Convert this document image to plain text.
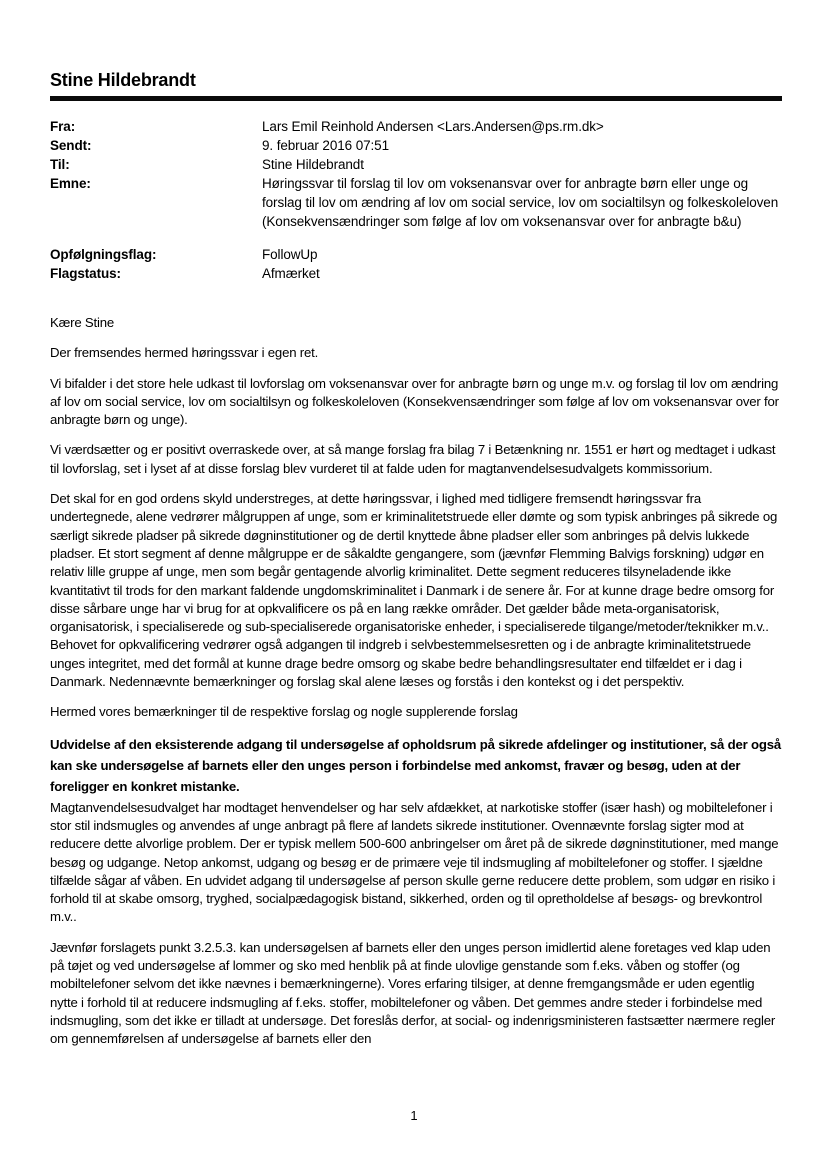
Stine Hildebrandt
Fra:	Lars Emil Reinhold Andersen <Lars.Andersen@ps.rm.dk>
Sendt:	9. februar 2016 07:51
Til:	Stine Hildebrandt
Emne:	Høringssvar til forslag til lov om voksenansvar over for anbragte børn eller unge og forslag til lov om ændring af lov om social service, lov om socialtilsyn og folkeskoleloven (Konsekvensændringer som følge af lov om voksenansvar over for anbragte b&u)
Opfølgningsflag:	FollowUp
Flagstatus:	Afmærket

Kære Stine

Der fremsendes hermed høringssvar i egen ret.

Vi bifalder i det store hele udkast til lovforslag om voksenansvar over for anbragte børn og unge m.v. og forslag til lov om ændring af lov om social service, lov om socialtilsyn og folkeskoleloven (Konsekvensændringer som følge af lov om voksenansvar over for anbragte børn og unge).

Vi værdsætter og er positivt overraskede over, at så mange forslag fra bilag 7 i Betænkning nr. 1551 er hørt og medtaget i udkast til lovforslag, set i lyset af at disse forslag blev vurderet til at falde uden for magtanvendelsesudvalgets kommissorium.

Det skal for en god ordens skyld understreges, at dette høringssvar, i lighed med tidligere fremsendt høringssvar fra undertegnede, alene vedrører målgruppen af unge, som er kriminalitetstruede eller dømte og som typisk anbringes på sikrede og særligt sikrede pladser på sikrede døgninstitutioner og de dertil knyttede åbne pladser eller som anbringes på delvis lukkede pladser. Et stort segment af denne målgruppe er de såkaldte gengangere, som (jævnfør Flemming Balvigs forskning) udgør en relativ lille gruppe af unge, men som begår gentagende alvorlig kriminalitet. Dette segment reduceres tilsyneladende ikke kvantitativt til trods for den markant faldende ungdomskriminalitet i Danmark i de senere år. For at kunne drage bedre omsorg for disse sårbare unge har vi brug for at opkvalificere os på en lang række områder. Det gælder både meta-organisatorisk, organisatorisk, i specialiserede og sub-specialiserede organisatoriske enheder, i specialiserede tilgange/metoder/teknikker m.v.. Behovet for opkvalificering vedrører også adgangen til indgreb i selvbestemmelsesretten og i de anbragte kriminalitetstruede unges integritet, med det formål at kunne drage bedre omsorg og skabe bedre behandlingsresultater end tilfældet er i dag i Danmark. Nedennævnte bemærkninger og forslag skal alene læses og forstås i den kontekst og i det perspektiv.

Hermed vores bemærkninger til de respektive forslag og nogle supplerende forslag

Udvidelse af den eksisterende adgang til undersøgelse af opholdsrum på sikrede afdelinger og institutioner, så der også kan ske undersøgelse af barnets eller den unges person i forbindelse med ankomst, fravær og besøg, uden at der foreligger en konkret mistanke.

Magtanvendelsesudvalget har modtaget henvendelser og har selv afdækket, at narkotiske stoffer (især hash) og mobiltelefoner i stor stil indsmugles og anvendes af unge anbragt på flere af landets sikrede institutioner. Ovennævnte forslag sigter mod at reducere dette alvorlige problem. Der er typisk mellem 500-600 anbringelser om året på de sikrede døgninstitutioner, med mange besøg og udgange. Netop ankomst, udgang og besøg er de primære veje til indsmugling af mobiltelefoner og stoffer. I sjældne tilfælde sågar af våben. En udvidet adgang til undersøgelse af person skulle gerne reducere dette problem, som udgør en risiko i forhold til at skabe omsorg, tryghed, socialpædagogisk bistand, sikkerhed, orden og til opretholdelse af besøgs- og brevkontrol m.v..

Jævnfør forslagets punkt 3.2.5.3. kan undersøgelsen af barnets eller den unges person imidlertid alene foretages ved klap uden på tøjet og ved undersøgelse af lommer og sko med henblik på at finde ulovlige genstande som f.eks. våben og stoffer (og mobiltelefoner selvom det ikke nævnes i bemærkningerne). Vores erfaring tilsiger, at denne fremgangsmåde er uden egentlig nytte i forhold til at reducere indsmugling af f.eks. stoffer, mobiltelefoner og våben. Det gemmes andre steder i forbindelse med indsmugling, som det ikke er tilladt at undersøge. Det foreslås derfor, at social- og indenrigsministeren fastsætter nærmere regler om gennemførelsen af undersøgelse af barnets eller den

1
